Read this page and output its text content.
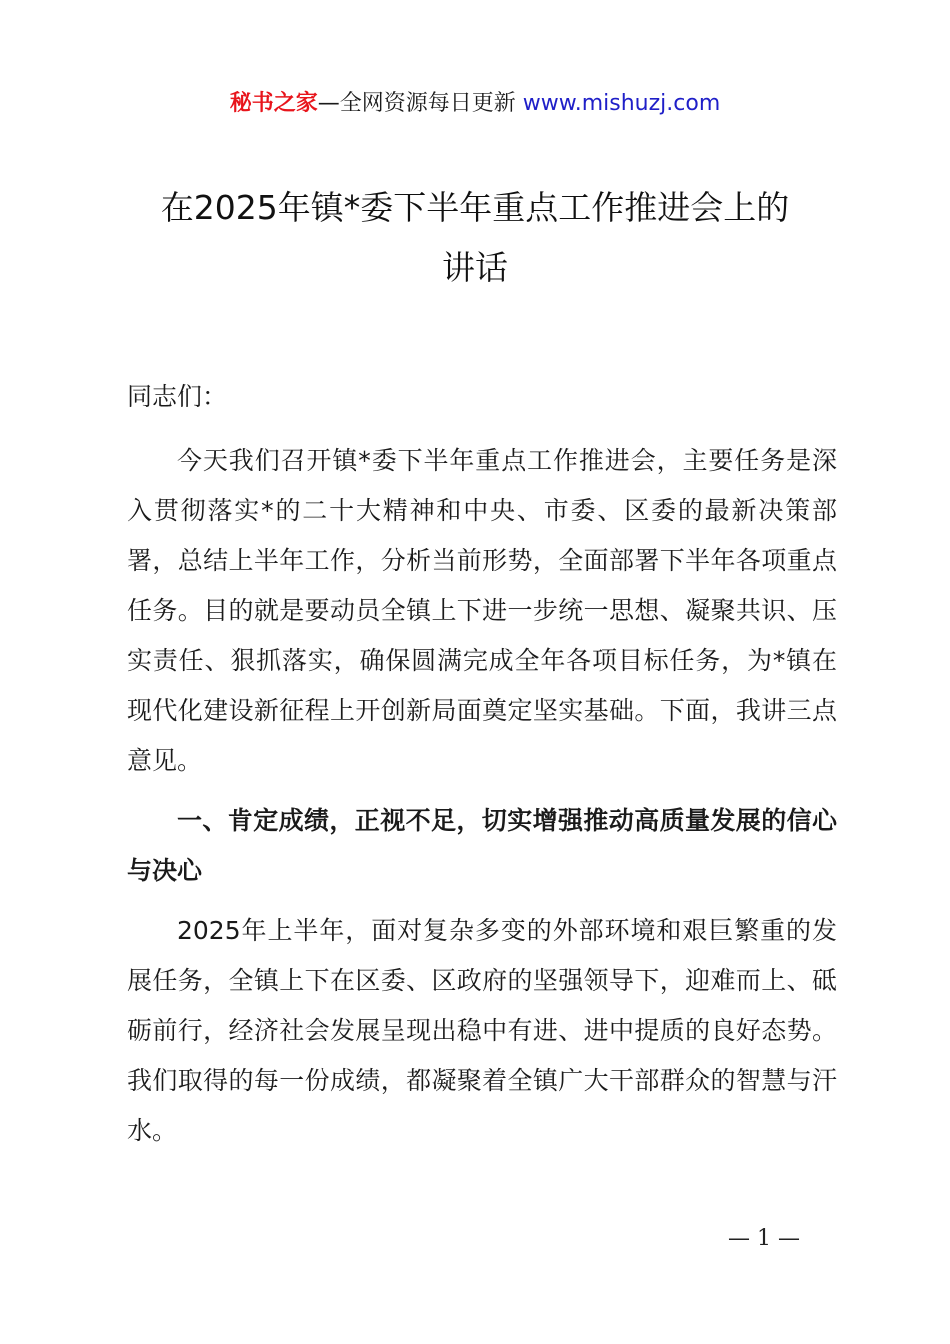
秘书之家—全网资源每日更新 www.mishuzj.com
在2025年镇*委下半年重点工作推进会上的
讲话

同志们：

今天我们召开镇*委下半年重点工作推进会，主要任务是深入贯彻落实*的二十大精神和中央、市委、区委的最新决策部署，总结上半年工作，分析当前形势，全面部署下半年各项重点任务。目的就是要动员全镇上下进一步统一思想、凝聚共识、压实责任、狠抓落实，确保圆满完成全年各项目标任务，为*镇在现代化建设新征程上开创新局面奠定坚实基础。下面，我讲三点意见。

一、肯定成绩，正视不足，切实增强推动高质量发展的信心与决心

2025年上半年，面对复杂多变的外部环境和艰巨繁重的发展任务，全镇上下在区委、区政府的坚强领导下，迎难而上、砥砺前行，经济社会发展呈现出稳中有进、进中提质的良好态势。我们取得的每一份成绩，都凝聚着全镇广大干部群众的智慧与汗水。

— 1 —
